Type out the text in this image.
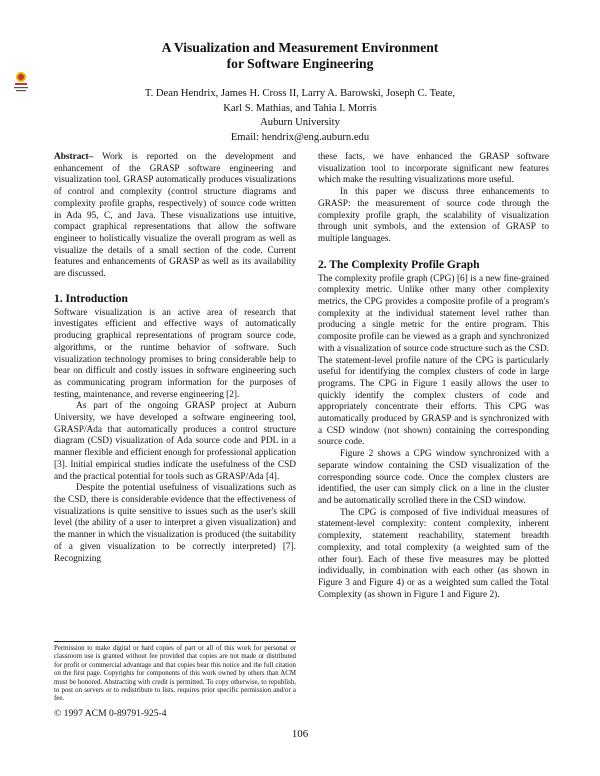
A Visualization and Measurement Environment
for Software Engineering
T. Dean Hendrix, James H. Cross II, Larry A. Barowski, Joseph C. Teate,
Karl S. Mathias, and Tahia I. Morris
Auburn University
Email: hendrix@eng.auburn.edu

Abstract– Work is reported on the development and enhancement of the GRASP software engineering and visualization tool. GRASP automatically produces visualizations of control and complexity (control structure diagrams and complexity profile graphs, respectively) of source code written in Ada 95, C, and Java. These visualizations use intuitive, compact graphical representations that allow the software engineer to holistically visualize the overall program as well as visualize the details of a small section of the code. Current features and enhancements of GRASP as well as its availability are discussed.

1. Introduction

Software visualization is an active area of research that investigates efficient and effective ways of automatically producing graphical representations of program source code, algorithms, or the runtime behavior of software. Such visualization technology promises to bring considerable help to bear on difficult and costly issues in software engineering such as communicating program information for the purposes of testing, maintenance, and reverse engineering [2].

As part of the ongoing GRASP project at Auburn University, we have developed a software engineering tool, GRASP/Ada that automatically produces a control structure diagram (CSD) visualization of Ada source code and PDL in a manner flexible and efficient enough for professional application [3]. Initial empirical studies indicate the usefulness of the CSD and the practical potential for tools such as GRASP/Ada [4].

Despite the potential usefulness of visualizations such as the CSD, there is considerable evidence that the effectiveness of visualizations is quite sensitive to issues such as the user's skill level (the ability of a user to interpret a given visualization) and the manner in which the visualization is produced (the suitability of a given visualization to be correctly interpreted) [7]. Recognizing

these facts, we have enhanced the GRASP software visualization tool to incorporate significant new features which make the resulting visualizations more useful.

In this paper we discuss three enhancements to GRASP: the measurement of source code through the complexity profile graph, the scalability of visualization through unit symbols, and the extension of GRASP to multiple languages.

2. The Complexity Profile Graph

The complexity profile graph (CPG) [6] is a new fine-grained complexity metric. Unlike other many other complexity metrics, the CPG provides a composite profile of a program's complexity at the individual statement level rather than producing a single metric for the entire program. This composite profile can be viewed as a graph and synchronized with a visualization of source code structure such as the CSD. The statement-level profile nature of the CPG is particularly useful for identifying the complex clusters of code in large programs. The CPG in Figure 1 easily allows the user to quickly identify the complex clusters of code and appropriately concentrate their efforts. This CPG was automatically produced by GRASP and is synchronized with a CSD window (not shown) containing the corresponding source code.

Figure 2 shows a CPG window synchronized with a separate window containing the CSD visualization of the corresponding source code. Once the complex clusters are identified, the user can simply click on a line in the cluster and be automatically scrolled there in the CSD window.

The CPG is composed of five individual measures of statement-level complexity: content complexity, inherent complexity, statement reachability, statement breadth complexity, and total complexity (a weighted sum of the other four). Each of these five measures may be plotted individually, in combination with each other (as shown in Figure 3 and Figure 4) or as a weighted sum called the Total Complexity (as shown in Figure 1 and Figure 2).

Permission to make digital or hard copies of part or all of this work for personal or classroom use is granted without fee provided that copies are not made or distributed for profit or commercial advantage and that copies bear this notice and the full citation on the first page. Copyrights for components of this work owned by others than ACM must be honored. Abstracting with credit is permitted. To copy otherwise, to republish, to post on servers or to redistribute to lists, requires prior specific permission and/or a fee.
© 1997 ACM 0-89791-925-4
106
